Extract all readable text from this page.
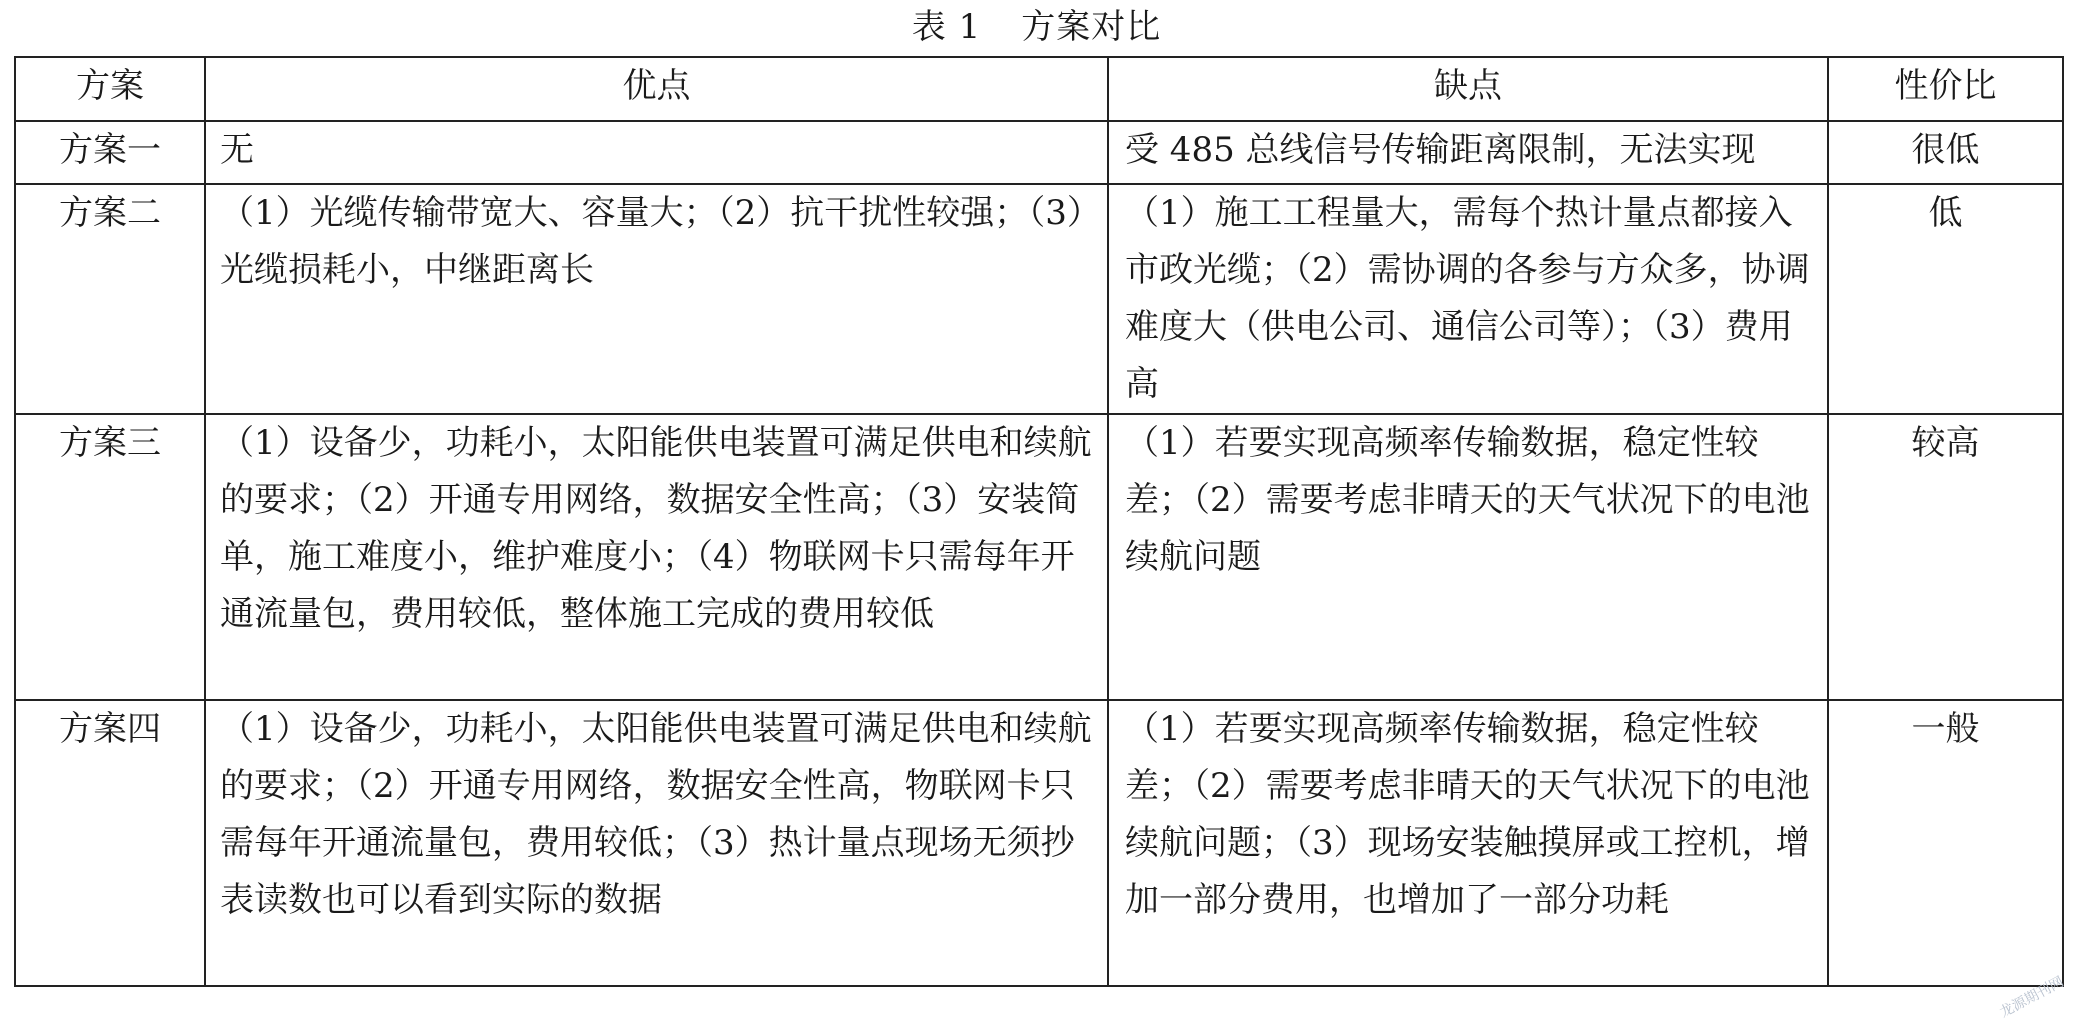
表 1 方案对比
方案	优点	缺点	性价比
方案一	无	受 485 总线信号传输距离限制，无法实现	很低
方案二	（1）光缆传输带宽大、容量大；（2）抗干扰性较强；（3）光缆损耗小，中继距离长	（1）施工工程量大，需每个热计量点都接入市政光缆；（2）需协调的各参与方众多，协调难度大（供电公司、通信公司等）；（3）费用高	低
方案三	（1）设备少，功耗小，太阳能供电装置可满足供电和续航的要求；（2）开通专用网络，数据安全性高；（3）安装简单，施工难度小，维护难度小；（4）物联网卡只需每年开通流量包，费用较低，整体施工完成的费用较低	（1）若要实现高频率传输数据，稳定性较差；（2）需要考虑非晴天的天气状况下的电池续航问题	较高
方案四	（1）设备少，功耗小，太阳能供电装置可满足供电和续航的要求；（2）开通专用网络，数据安全性高，物联网卡只需每年开通流量包，费用较低；（3）热计量点现场无须抄表读数也可以看到实际的数据	（1）若要实现高频率传输数据，稳定性较差；（2）需要考虑非晴天的天气状况下的电池续航问题；（3）现场安装触摸屏或工控机，增加一部分费用，也增加了一部分功耗	一般
龙源期刊网
